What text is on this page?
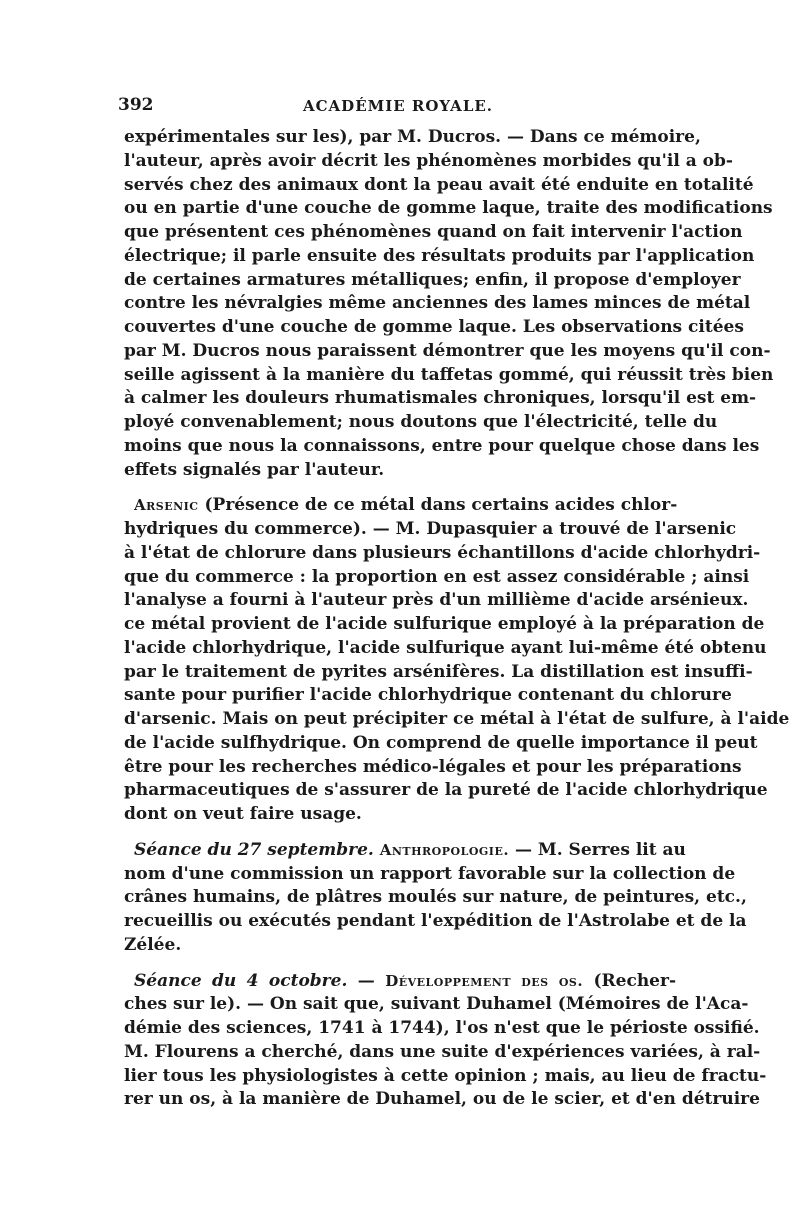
392	ACADÉMIE ROYALE.
expérimentales sur les), par M. Ducros. — Dans ce mémoire,
l'auteur, après avoir décrit les phénomènes morbides qu'il a ob-
servés chez des animaux dont la peau avait été enduite en totalité
ou en partie d'une couche de gomme laque, traite des modifications
que présentent ces phénomènes quand on fait intervenir l'action
électrique; il parle ensuite des résultats produits par l'application
de certaines armatures métalliques; enfin, il propose d'employer
contre les névralgies même anciennes des lames minces de métal
couvertes d'une couche de gomme laque. Les observations citées
par M. Ducros nous paraissent démontrer que les moyens qu'il con-
seille agissent à la manière du taffetas gommé, qui réussit très bien
à calmer les douleurs rhumatismales chroniques, lorsqu'il est em-
ployé convenablement; nous doutons que l'électricité, telle du
moins que nous la connaissons, entre pour quelque chose dans les
effets signalés par l'auteur.
Arsenic (Présence de ce métal dans certains acides chlor-
hydriques du commerce). — M. Dupasquier a trouvé de l'arsenic
à l'état de chlorure dans plusieurs échantillons d'acide chlorhydri-
que du commerce : la proportion en est assez considérable ; ainsi
l'analyse a fourni à l'auteur près d'un millième d'acide arsénieux.
ce métal provient de l'acide sulfurique employé à la préparation de
l'acide chlorhydrique, l'acide sulfurique ayant lui-même été obtenu
par le traitement de pyrites arsénifères. La distillation est insuffi-
sante pour purifier l'acide chlorhydrique contenant du chlorure
d'arsenic. Mais on peut précipiter ce métal à l'état de sulfure, à l'aide
de l'acide sulfhydrique. On comprend de quelle importance il peut
être pour les recherches médico-légales et pour les préparations
pharmaceutiques de s'assurer de la pureté de l'acide chlorhydrique
dont on veut faire usage.
Séance du 27 septembre. Anthropologie. — M. Serres lit au
nom d'une commission un rapport favorable sur la collection de
crânes humains, de plâtres moulés sur nature, de peintures, etc.,
recueillis ou exécutés pendant l'expédition de l'Astrolabe et de la
Zélée.
Séance du 4 octobre. — Développement des os. (Recher-
ches sur le). — On sait que, suivant Duhamel (Mémoires de l'Aca-
démie des sciences, 1741 à 1744), l'os n'est que le périoste ossifié.
M. Flourens a cherché, dans une suite d'expériences variées, à ral-
lier tous les physiologistes à cette opinion ; mais, au lieu de fractu-
rer un os, à la manière de Duhamel, ou de le scier, et d'en détruire
